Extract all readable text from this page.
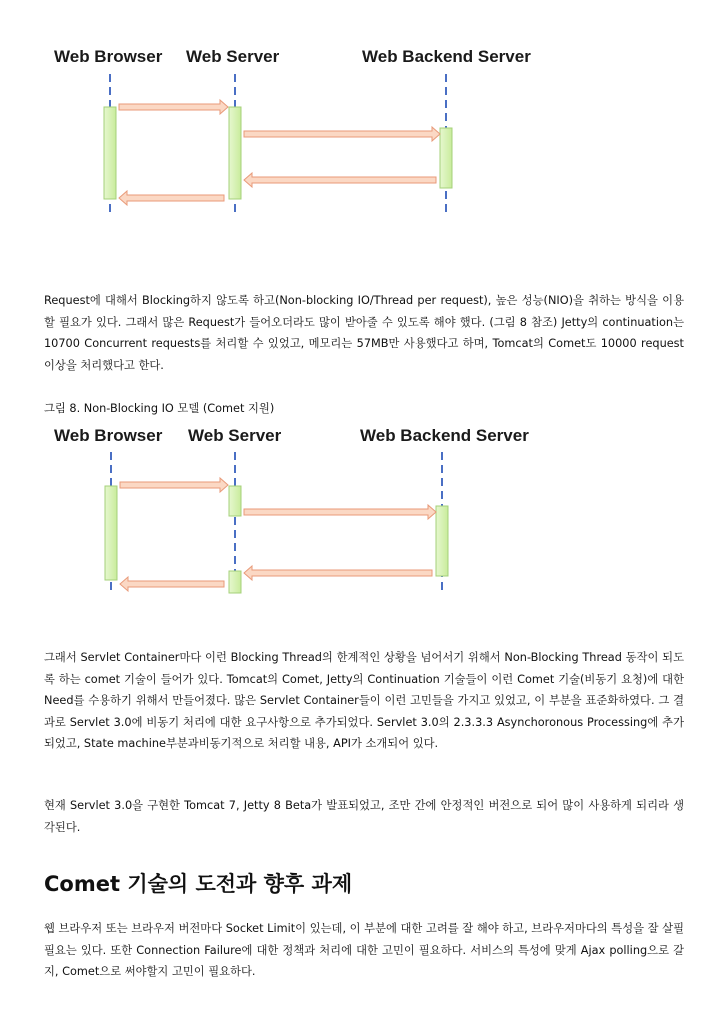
Web Browser Web Server	Web Backend Server

Request에 대해서 Blocking하지 않도록 하고(Non-blocking IO/Thread per request), 높은 성능(NIO)을 취하는 방식을 이용할 필요가 있다. 그래서 많은 Request가 들어오더라도 많이 받아줄 수 있도록 해야 했다. (그림 8 참조) Jetty의 continuation는 10700 Concurrent requests를 처리할 수 있었고, 메모리는 57MB만 사용했다고 하며, Tomcat의 Comet도 10000 request 이상을 처리했다고 한다.

그림 8. Non-Blocking IO 모델 (Comet 지원)

Web Browser Web Server	Web Backend Server

그래서 Servlet Container마다 이런 Blocking Thread의 한계적인 상황을 넘어서기 위해서 Non-Blocking Thread 동작이 되도록 하는 comet 기술이 들어가 있다. Tomcat의 Comet, Jetty의 Continuation 기술들이 이런 Comet 기술(비동기 요청)에 대한 Need를 수용하기 위해서 만들어졌다. 많은 Servlet Container들이 이런 고민들을 가지고 있었고, 이 부분을 표준화하였다. 그 결과로 Servlet 3.0에 비동기 처리에 대한 요구사항으로 추가되었다. Servlet 3.0의 2.3.3.3 Asynchoronous Processing에 추가되었고, State machine부분과비동기적으로 처리할 내용, API가 소개되어 있다.

현재 Servlet 3.0을 구현한 Tomcat 7, Jetty 8 Beta가 발표되었고, 조만 간에 안정적인 버전으로 되어 많이 사용하게 되리라 생각된다.

Comet 기술의 도전과 향후 과제

웹 브라우저 또는 브라우저 버전마다 Socket Limit이 있는데, 이 부분에 대한 고려를 잘 해야 하고, 브라우저마다의 특성을 잘 살필 필요는 있다. 또한 Connection Failure에 대한 정책과 처리에 대한 고민이 필요하다. 서비스의 특성에 맞게 Ajax polling으로 갈지, Comet으로 써야할지 고민이 필요하다.
